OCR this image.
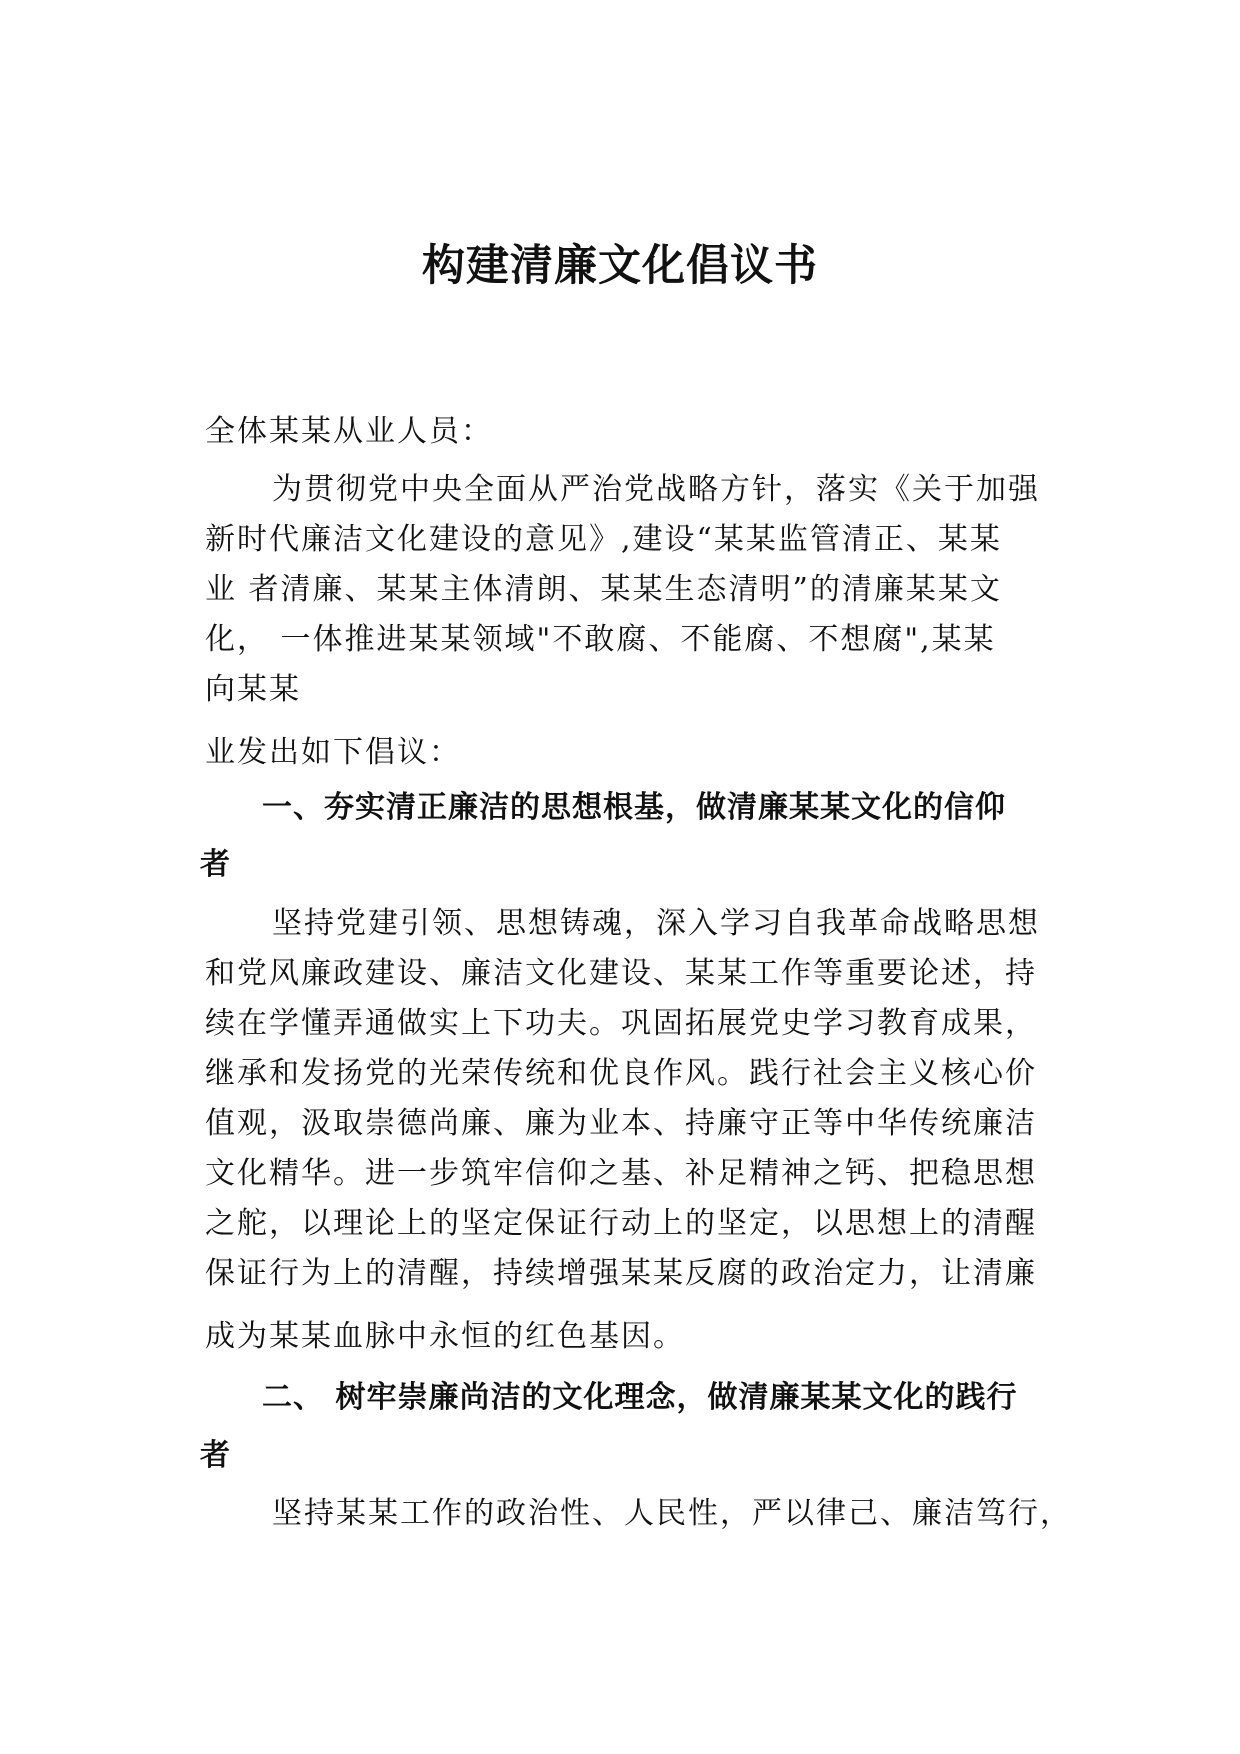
构建清廉文化倡议书
全体某某从业人员：
为贯彻党中央全面从严治党战略方针，落实《关于加强
新时代廉洁文化建设的意见》,建设“某某监管清正、某某
业 者清廉、某某主体清朗、某某生态清明”的清廉某某文
化， 一体推进某某领域"不敢腐、不能腐、不想腐",某某
向某某
业发出如下倡议：
一、夯实清正廉洁的思想根基，做清廉某某文化的信仰
者
坚持党建引领、思想铸魂，深入学习自我革命战略思想
和党风廉政建设、廉洁文化建设、某某工作等重要论述，持
续在学懂弄通做实上下功夫。巩固拓展党史学习教育成果，
继承和发扬党的光荣传统和优良作风。践行社会主义核心价
值观，汲取崇德尚廉、廉为业本、持廉守正等中华传统廉洁
文化精华。进一步筑牢信仰之基、补足精神之钙、把稳思想
之舵，以理论上的坚定保证行动上的坚定，以思想上的清醒
保证行为上的清醒，持续增强某某反腐的政治定力，让清廉
成为某某血脉中永恒的红色基因。
二、 树牢崇廉尚洁的文化理念，做清廉某某文化的践行
者
坚持某某工作的政治性、人民性，严以律己、廉洁笃行，
